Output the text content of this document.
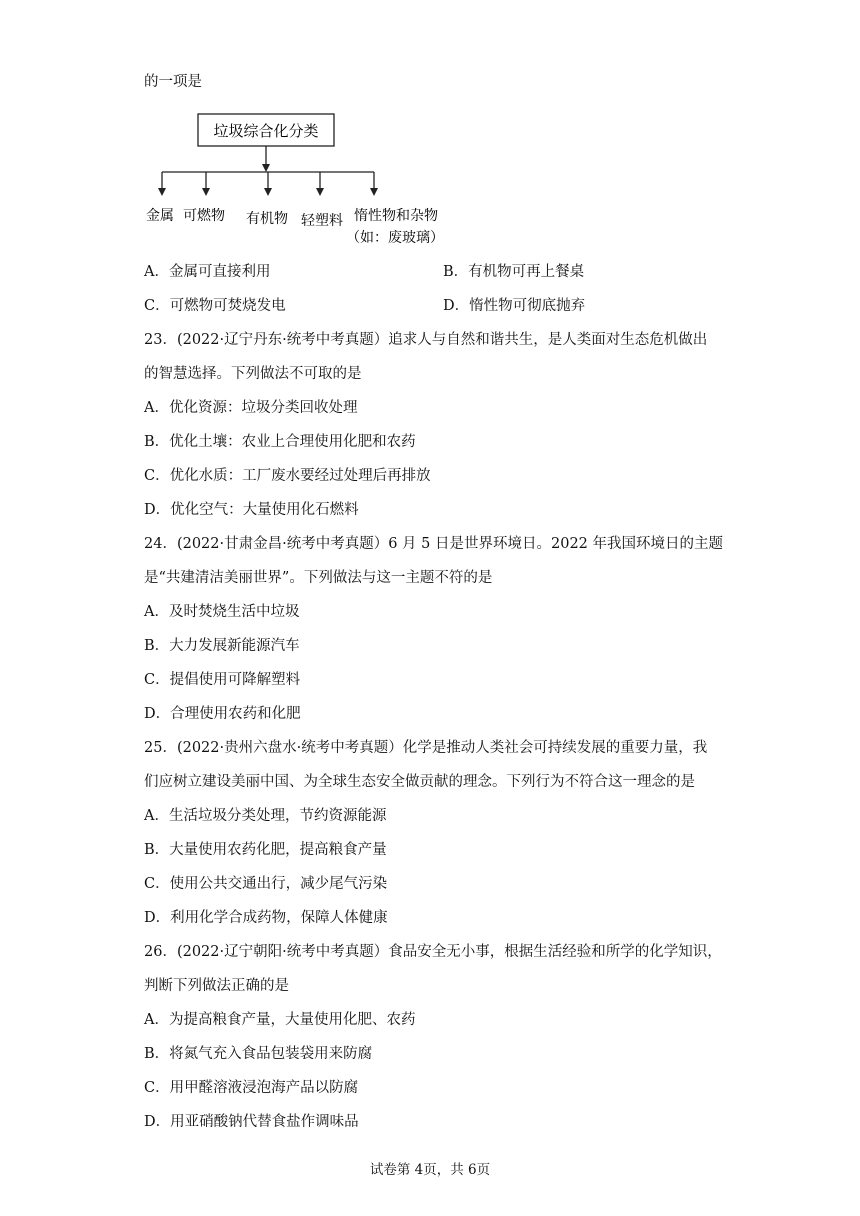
的一项是
垃圾综合化分类
金属 可燃物 有机物 轻塑料 惰性物和杂物
（如：废玻璃）
A．金属可直接利用	B．有机物可再上餐桌
C．可燃物可焚烧发电	D．惰性物可彻底抛弃
23．(2022·辽宁丹东·统考中考真题）追求人与自然和谐共生，是人类面对生态危机做出
的智慧选择。下列做法不可取的是
A．优化资源：垃圾分类回收处理
B．优化土壤：农业上合理使用化肥和农药
C．优化水质：工厂废水要经过处理后再排放
D．优化空气：大量使用化石燃料
24．(2022·甘肃金昌·统考中考真题）6 月 5 日是世界环境日。2022 年我国环境日的主题
是“共建清洁美丽世界”。下列做法与这一主题不符的是
A．及时焚烧生活中垃圾
B．大力发展新能源汽车
C．提倡使用可降解塑料
D．合理使用农药和化肥
25．(2022·贵州六盘水·统考中考真题）化学是推动人类社会可持续发展的重要力量，我
们应树立建设美丽中国、为全球生态安全做贡献的理念。下列行为不符合这一理念的是
A．生活垃圾分类处理，节约资源能源
B．大量使用农药化肥，提高粮食产量
C．使用公共交通出行，减少尾气污染
D．利用化学合成药物，保障人体健康
26．(2022·辽宁朝阳·统考中考真题）食品安全无小事，根据生活经验和所学的化学知识，
判断下列做法正确的是
A．为提高粮食产量，大量使用化肥、农药
B．将氮气充入食品包装袋用来防腐
C．用甲醛溶液浸泡海产品以防腐
D．用亚硝酸钠代替食盐作调味品
试卷第 4页，共 6页
